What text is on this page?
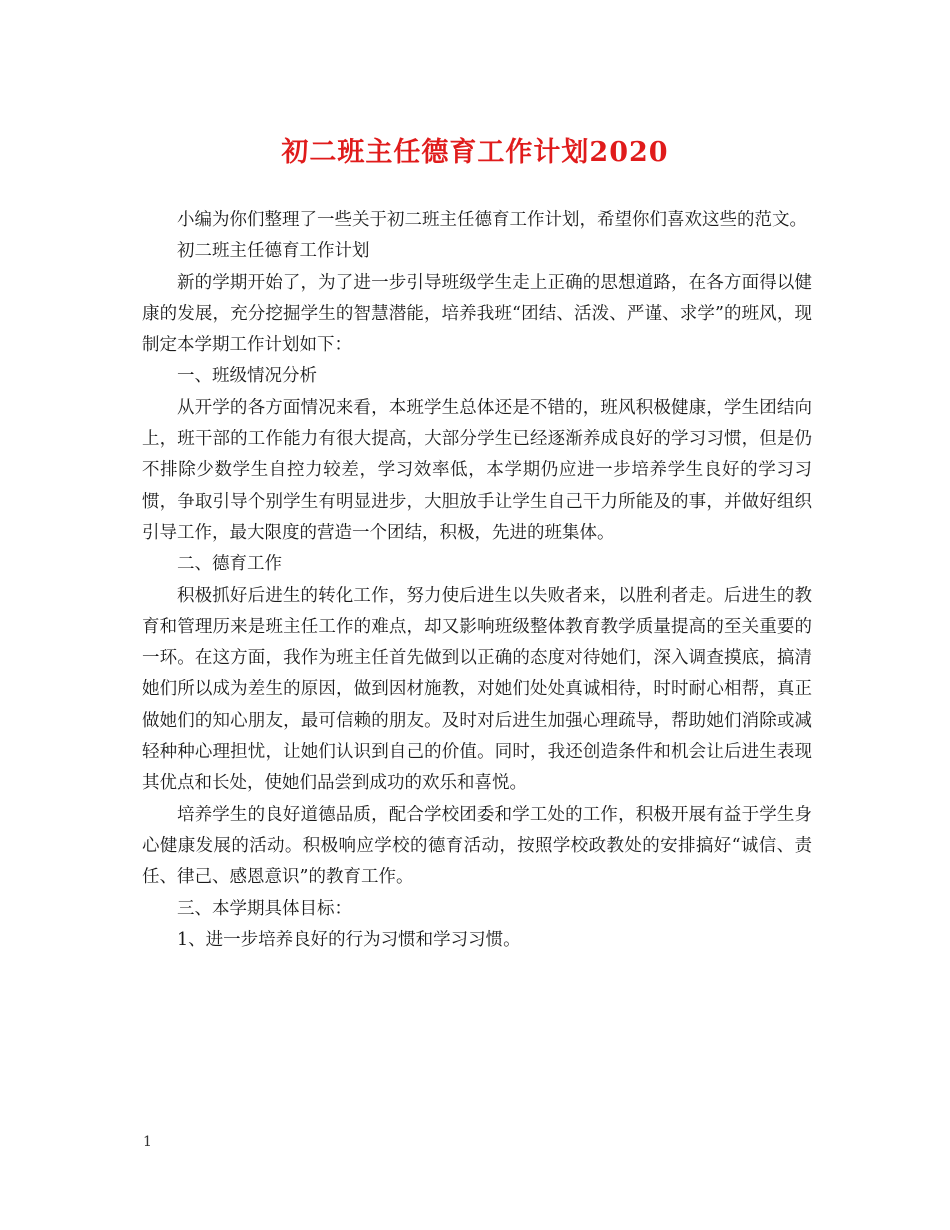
初二班主任德育工作计划2020

小编为你们整理了一些关于初二班主任德育工作计划，希望你们喜欢这些的范文。

初二班主任德育工作计划

新的学期开始了，为了进一步引导班级学生走上正确的思想道路，在各方面得以健康的发展，充分挖掘学生的智慧潜能，培养我班“团结、活泼、严谨、求学”的班风，现制定本学期工作计划如下：

一、班级情况分析

从开学的各方面情况来看，本班学生总体还是不错的，班风积极健康，学生团结向上，班干部的工作能力有很大提高，大部分学生已经逐渐养成良好的学习习惯，但是仍不排除少数学生自控力较差，学习效率低，本学期仍应进一步培养学生良好的学习习惯，争取引导个别学生有明显进步，大胆放手让学生自己干力所能及的事，并做好组织引导工作，最大限度的营造一个团结，积极，先进的班集体。

二、德育工作

积极抓好后进生的转化工作，努力使后进生以失败者来，以胜利者走。后进生的教育和管理历来是班主任工作的难点，却又影响班级整体教育教学质量提高的至关重要的一环。在这方面，我作为班主任首先做到以正确的态度对待她们，深入调查摸底，搞清她们所以成为差生的原因，做到因材施教，对她们处处真诚相待，时时耐心相帮，真正做她们的知心朋友，最可信赖的朋友。及时对后进生加强心理疏导，帮助她们消除或减轻种种心理担忧，让她们认识到自己的价值。同时，我还创造条件和机会让后进生表现其优点和长处，使她们品尝到成功的欢乐和喜悦。

培养学生的良好道德品质，配合学校团委和学工处的工作，积极开展有益于学生身心健康发展的活动。积极响应学校的德育活动，按照学校政教处的安排搞好“诚信、责任、律己、感恩意识”的教育工作。

三、本学期具体目标：

1、进一步培养良好的行为习惯和学习习惯。

1
